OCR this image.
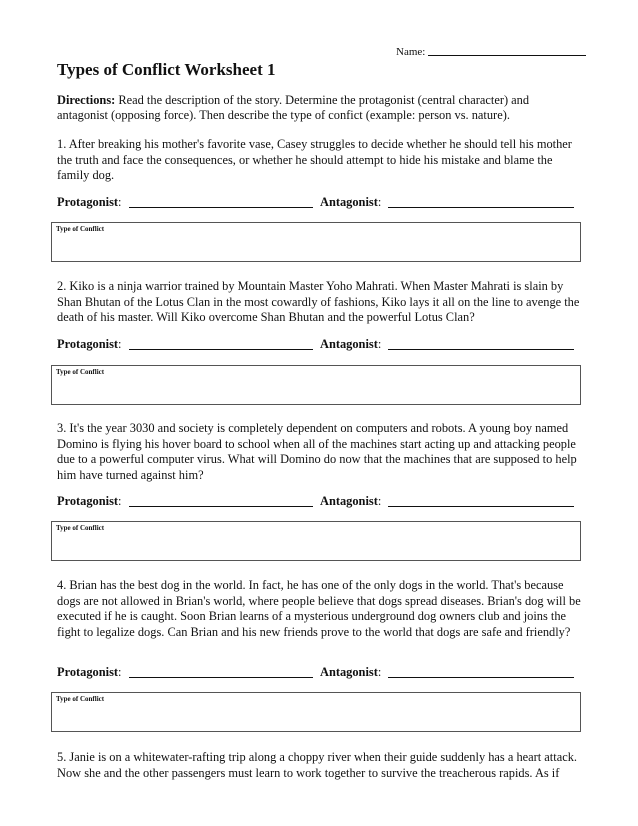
Name:
Types of Conflict Worksheet 1

Directions: Read the description of the story. Determine the protagonist (central character) and antagonist (opposing force). Then describe the type of confict (example: person vs. nature).

1. After breaking his mother's favorite vase, Casey struggles to decide whether he should tell his mother the truth and face the consequences, or whether he should attempt to hide his mistake and blame the family dog.

Protagonist:	Antagonist:
Type of Conflict

2. Kiko is a ninja warrior trained by Mountain Master Yoho Mahrati. When Master Mahrati is slain by Shan Bhutan of the Lotus Clan in the most cowardly of fashions, Kiko lays it all on the line to avenge the death of his master. Will Kiko overcome Shan Bhutan and the powerful Lotus Clan?

Protagonist:	Antagonist:
Type of Conflict

3. It's the year 3030 and society is completely dependent on computers and robots. A young boy named Domino is flying his hover board to school when all of the machines start acting up and attacking people due to a powerful computer virus. What will Domino do now that the machines that are supposed to help him have turned against him?

Protagonist:	Antagonist:
Type of Conflict

4. Brian has the best dog in the world. In fact, he has one of the only dogs in the world. That's because dogs are not allowed in Brian's world, where people believe that dogs spread diseases. Brian's dog will be executed if he is caught. Soon Brian learns of a mysterious underground dog owners club and joins the fight to legalize dogs. Can Brian and his new friends prove to the world that dogs are safe and friendly?

Protagonist:	Antagonist:
Type of Conflict

5. Janie is on a whitewater-rafting trip along a choppy river when their guide suddenly has a heart attack. Now she and the other passengers must learn to work together to survive the treacherous rapids. As if
